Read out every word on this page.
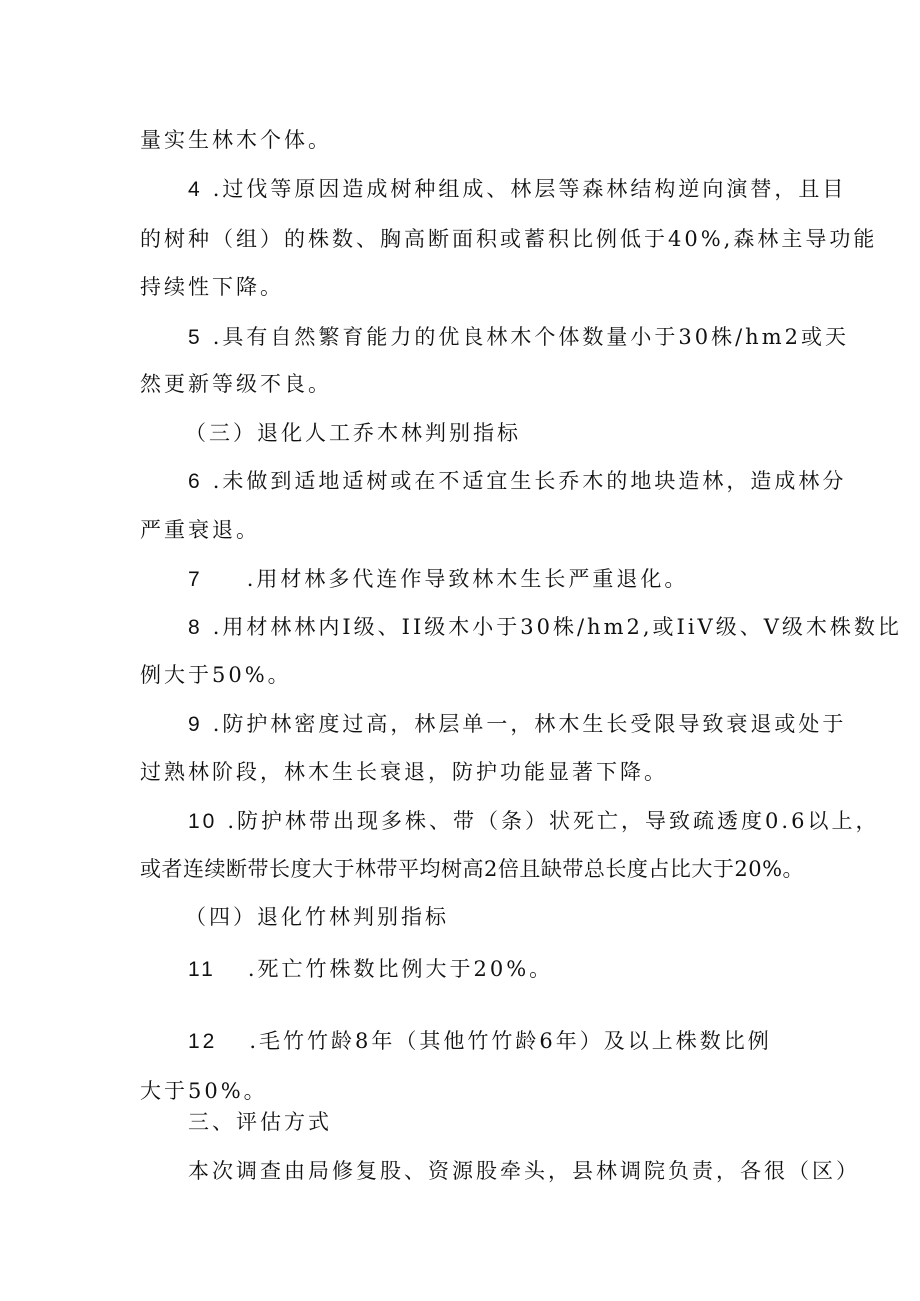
量实生林木个体。
4 .过伐等原因造成树种组成、林层等森林结构逆向演替，且目
的树种（组）的株数、胸高断面积或蓄积比例低于40%,森林主导功能
持续性下降。
5 .具有自然繁育能力的优良林木个体数量小于30株/hm2或天
然更新等级不良。
（三）退化人工乔木林判别指标
6 .未做到适地适树或在不适宜生长乔木的地块造林，造成林分
严重衰退。
7 .用材林多代连作导致林木生长严重退化。
8 .用材林林内I级、II级木小于30株/hm2,或IiV级、V级木株数比
例大于50%。
9 .防护林密度过高，林层单一，林木生长受限导致衰退或处于
过熟林阶段，林木生长衰退，防护功能显著下降。
10 .防护林带出现多株、带（条）状死亡，导致疏透度0.6以上，
或者连续断带长度大于林带平均树高2倍且缺带总长度占比大于20%。
（四）退化竹林判别指标
11 .死亡竹株数比例大于20%。
12 .毛竹竹龄8年（其他竹竹龄6年）及以上株数比例
大于50%。
三、评估方式
本次调查由局修复股、资源股牵头，县林调院负责，各很（区）
